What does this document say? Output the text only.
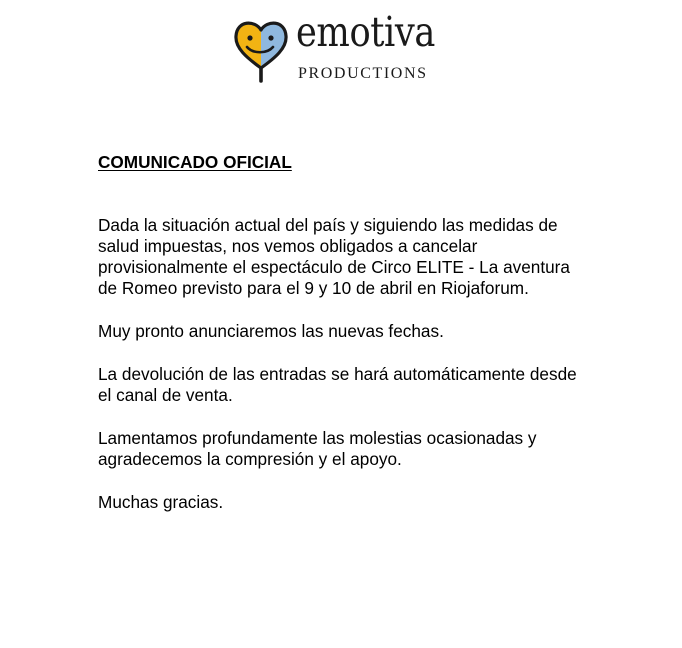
emotiva
PRODUCTIONS
COMUNICADO OFICIAL

Dada la situación actual del país y siguiendo las medidas de salud impuestas, nos vemos obligados a cancelar provisionalmente el espectáculo de Circo ELITE - La aventura de Romeo previsto para el 9 y 10 de abril en Riojaforum.

Muy pronto anunciaremos las nuevas fechas.

La devolución de las entradas se hará automáticamente desde el canal de venta.

Lamentamos profundamente las molestias ocasionadas y agradecemos la compresión y el apoyo.

Muchas gracias.
